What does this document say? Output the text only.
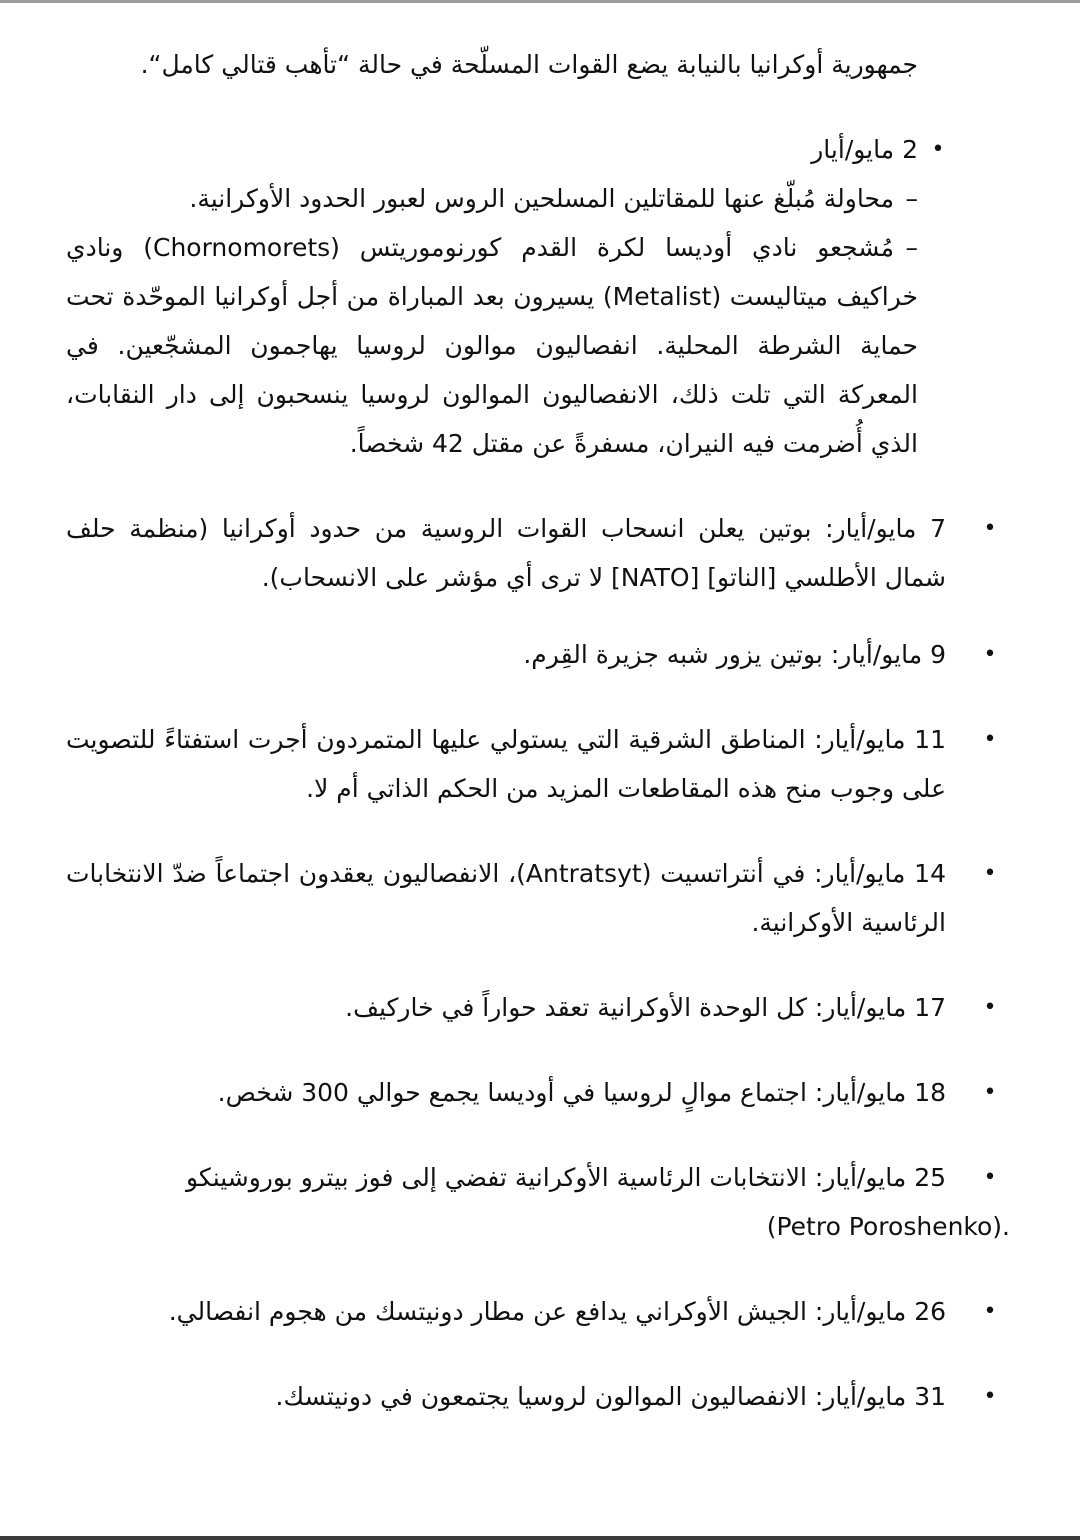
جمهورية أوكرانيا بالنيابة يضع القوات المسلّحة في حالة “تأهب قتالي كامل“.

•
2 مايو/أيار

–محاولة مُبلّغ عنها للمقاتلين المسلحين الروس لعبور الحدود الأوكرانية.

–مُشجعو نادي أوديسا لكرة القدم كورنوموريتس (Chornomorets) ونادي خراكيف ميتاليست (Metalist) يسيرون بعد المباراة من أجل أوكرانيا الموحّدة تحت حماية الشرطة المحلية. انفصاليون موالون لروسيا يهاجمون المشجّعين. في المعركة التي تلت ذلك، الانفصاليون الموالون لروسيا ينسحبون إلى دار النقابات، الذي أُضرمت فيه النيران، مسفرةً عن مقتل 42 شخصاً.

•
7 مايو/أيار: بوتين يعلن انسحاب القوات الروسية من حدود أوكرانيا (منظمة حلف شمال الأطلسي [الناتو] [NATO] لا ترى أي مؤشر على الانسحاب).
•
9 مايو/أيار: بوتين يزور شبه جزيرة القِرم.
•
11 مايو/أيار: المناطق الشرقية التي يستولي عليها المتمردون أجرت استفتاءً للتصويت على وجوب منح هذه المقاطعات المزيد من الحكم الذاتي أم لا.
•
14 مايو/أيار: في أنتراتسيت (Antratsyt)، الانفصاليون يعقدون اجتماعاً ضدّ الانتخابات الرئاسية الأوكرانية.
•
17 مايو/أيار: كل الوحدة الأوكرانية تعقد حواراً في خاركيف.
•
18 مايو/أيار: اجتماع موالٍ لروسيا في أوديسا يجمع حوالي 300 شخص.
•
25 مايو/أيار: الانتخابات الرئاسية الأوكرانية تفضي إلى فوز بيترو بوروشينكو
(Petro Poroshenko).
•
26 مايو/أيار: الجيش الأوكراني يدافع عن مطار دونيتسك من هجوم انفصالي.
•
31 مايو/أيار: الانفصاليون الموالون لروسيا يجتمعون في دونيتسك.
